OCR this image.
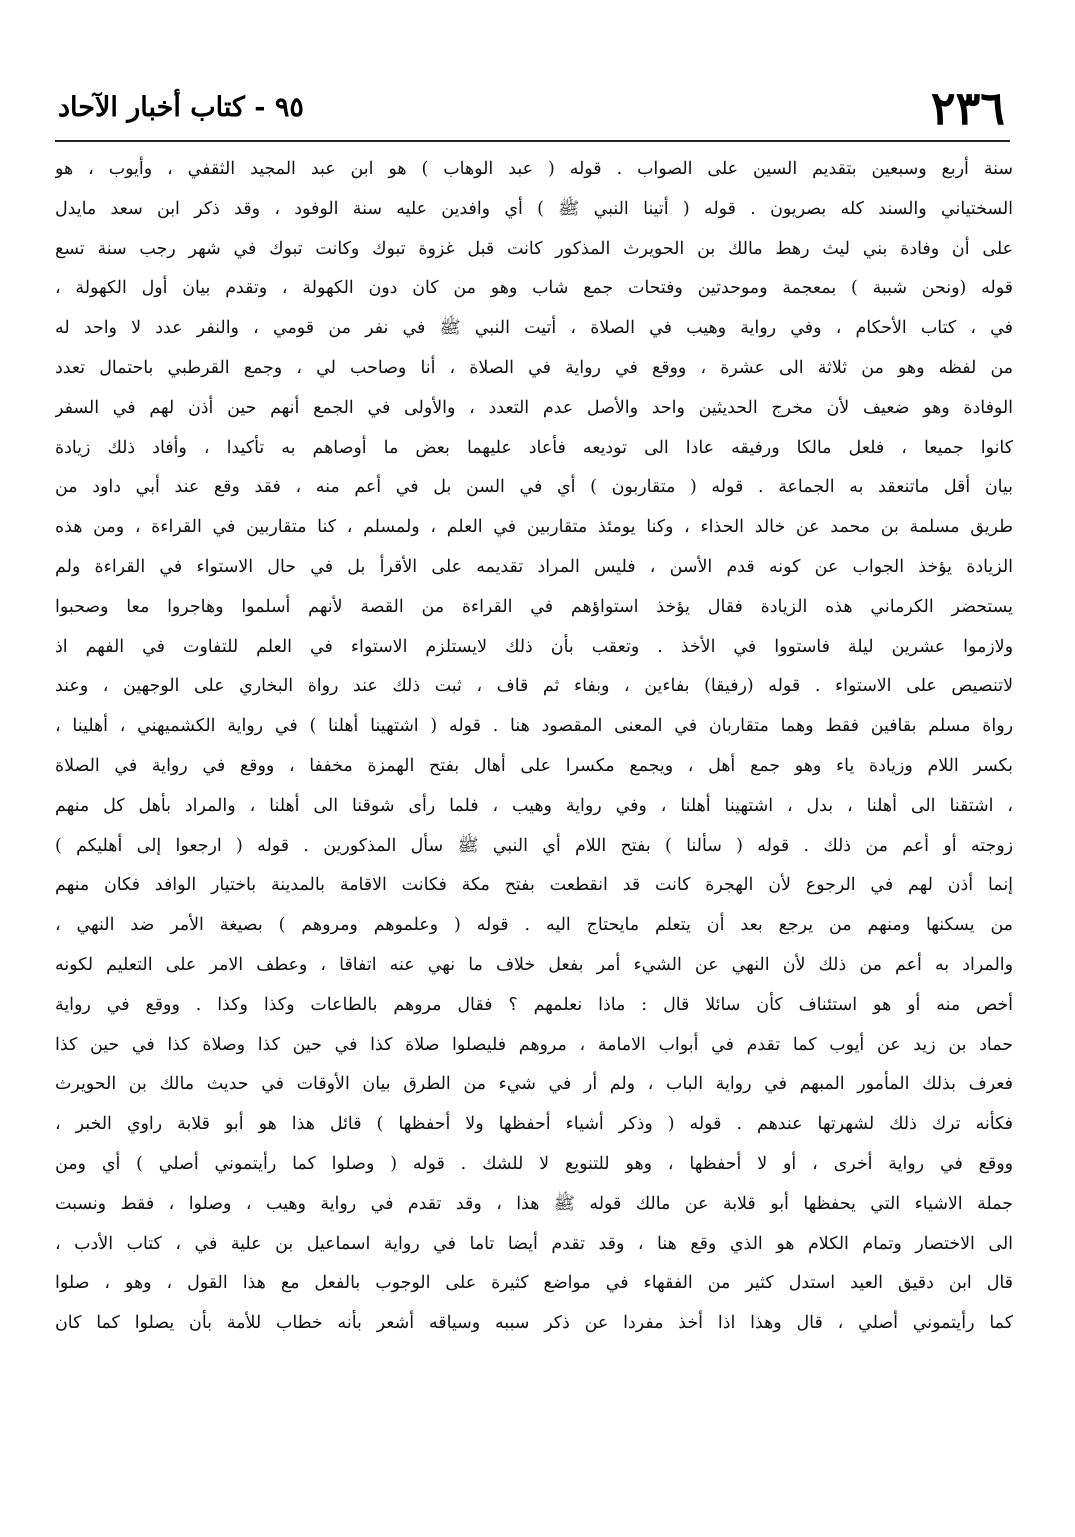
٢٣٦
٩٥ - كتاب أخبار الآحاد
سنة أربع وسبعين بتقديم السين على الصواب . قوله ( عبد الوهاب ) هو ابن عبد المجيد الثقفي ، وأيوب ، هو
السختياني والسند كله بصريون . قوله ( أتينا النبي ﷺ ) أي وافدين عليه سنة الوفود ، وقد ذكر ابن سعد مايدل
على أن وفادة بني ليث رهط مالك بن الحويرث المذكور كانت قبل غزوة تبوك وكانت تبوك في شهر رجب سنة تسع
قوله (ونحن شببة ) بمعجمة وموحدتين وفتحات جمع شاب وهو من كان دون الكهولة ، وتقدم بيان أول الكهولة ،
في ، كتاب الأحكام ، وفي رواية وهيب في الصلاة ، أتيت النبي ﷺ في نفر من قومي ، والنفر عدد لا واحد له
من لفظه وهو من ثلاثة الى عشرة ، ووقع في رواية في الصلاة ، أنا وصاحب لي ، وجمع القرطبي باحتمال تعدد
الوفادة وهو ضعيف لأن مخرج الحديثين واحد والأصل عدم التعدد ، والأولى في الجمع أنهم حين أذن لهم في السفر
كانوا جميعا ، فلعل مالكا ورفيقه عادا الى توديعه فأعاد عليهما بعض ما أوصاهم به تأكيدا ، وأفاد ذلك زيادة
بيان أقل ماتنعقد به الجماعة . قوله ( متقاربون ) أي في السن بل في أعم منه ، فقد وقع عند أبي داود من
طريق مسلمة بن محمد عن خالد الحذاء ، وكنا يومئذ متقاربين في العلم ، ولمسلم ، كنا متقاربين في القراءة ، ومن هذه
الزيادة يؤخذ الجواب عن كونه قدم الأسن ، فليس المراد تقديمه على الأقرأ بل في حال الاستواء في القراءة ولم
يستحضر الكرماني هذه الزيادة فقال يؤخذ استواؤهم في القراءة من القصة لأنهم أسلموا وهاجروا معا وصحبوا
ولازموا عشرين ليلة فاستووا في الأخذ . وتعقب بأن ذلك لايستلزم الاستواء في العلم للتفاوت في الفهم اذ
لاتنصيص على الاستواء . قوله (رفيقا) بفاءين ، وبفاء ثم قاف ، ثبت ذلك عند رواة البخاري على الوجهين ، وعند
رواة مسلم بقافين فقط وهما متقاربان في المعنى المقصود هنا . قوله ( اشتهينا أهلنا ) في رواية الكشميهني ، أهلينا ،
بكسر اللام وزيادة ياء وهو جمع أهل ، ويجمع مكسرا على أهال بفتح الهمزة مخففا ، ووقع في رواية في الصلاة
، اشتقنا الى أهلنا ، بدل ، اشتهينا أهلنا ، وفي رواية وهيب ، فلما رأى شوقنا الى أهلنا ، والمراد بأهل كل منهم
زوجته أو أعم من ذلك . قوله ( سألنا ) بفتح اللام أي النبي ﷺ سأل المذكورين . قوله ( ارجعوا إلى أهليكم )
إنما أذن لهم في الرجوع لأن الهجرة كانت قد انقطعت بفتح مكة فكانت الاقامة بالمدينة باختيار الوافد فكان منهم
من يسكنها ومنهم من يرجع بعد أن يتعلم مايحتاج اليه . قوله ( وعلموهم ومروهم ) بصيغة الأمر ضد النهي ،
والمراد به أعم من ذلك لأن النهي عن الشيء أمر بفعل خلاف ما نهي عنه اتفاقا ، وعطف الامر على التعليم لكونه
أخص منه أو هو استئناف كأن سائلا قال : ماذا نعلمهم ؟ فقال مروهم بالطاعات وكذا وكذا . ووقع في رواية
حماد بن زيد عن أيوب كما تقدم في أبواب الامامة ، مروهم فليصلوا صلاة كذا في حين كذا وصلاة كذا في حين كذا
فعرف بذلك المأمور المبهم في رواية الباب ، ولم أر في شيء من الطرق بيان الأوقات في حديث مالك بن الحويرث
فكأنه ترك ذلك لشهرتها عندهم . قوله ( وذكر أشياء أحفظها ولا أحفظها ) قائل هذا هو أبو قلابة راوي الخبر ،
ووقع في رواية أخرى ، أو لا أحفظها ، وهو للتنويع لا للشك . قوله ( وصلوا كما رأيتموني أصلي ) أي ومن
جملة الاشياء التي يحفظها أبو قلابة عن مالك قوله ﷺ هذا ، وقد تقدم في رواية وهيب ، وصلوا ، فقط ونسبت
الى الاختصار وتمام الكلام هو الذي وقع هنا ، وقد تقدم أيضا تاما في رواية اسماعيل بن علية في ، كتاب الأدب ،
قال ابن دقيق العيد استدل كثير من الفقهاء في مواضع كثيرة على الوجوب بالفعل مع هذا القول ، وهو ، صلوا
كما رأيتموني أصلي ، قال وهذا اذا أخذ مفردا عن ذكر سببه وسياقه أشعر بأنه خطاب للأمة بأن يصلوا كما كان
